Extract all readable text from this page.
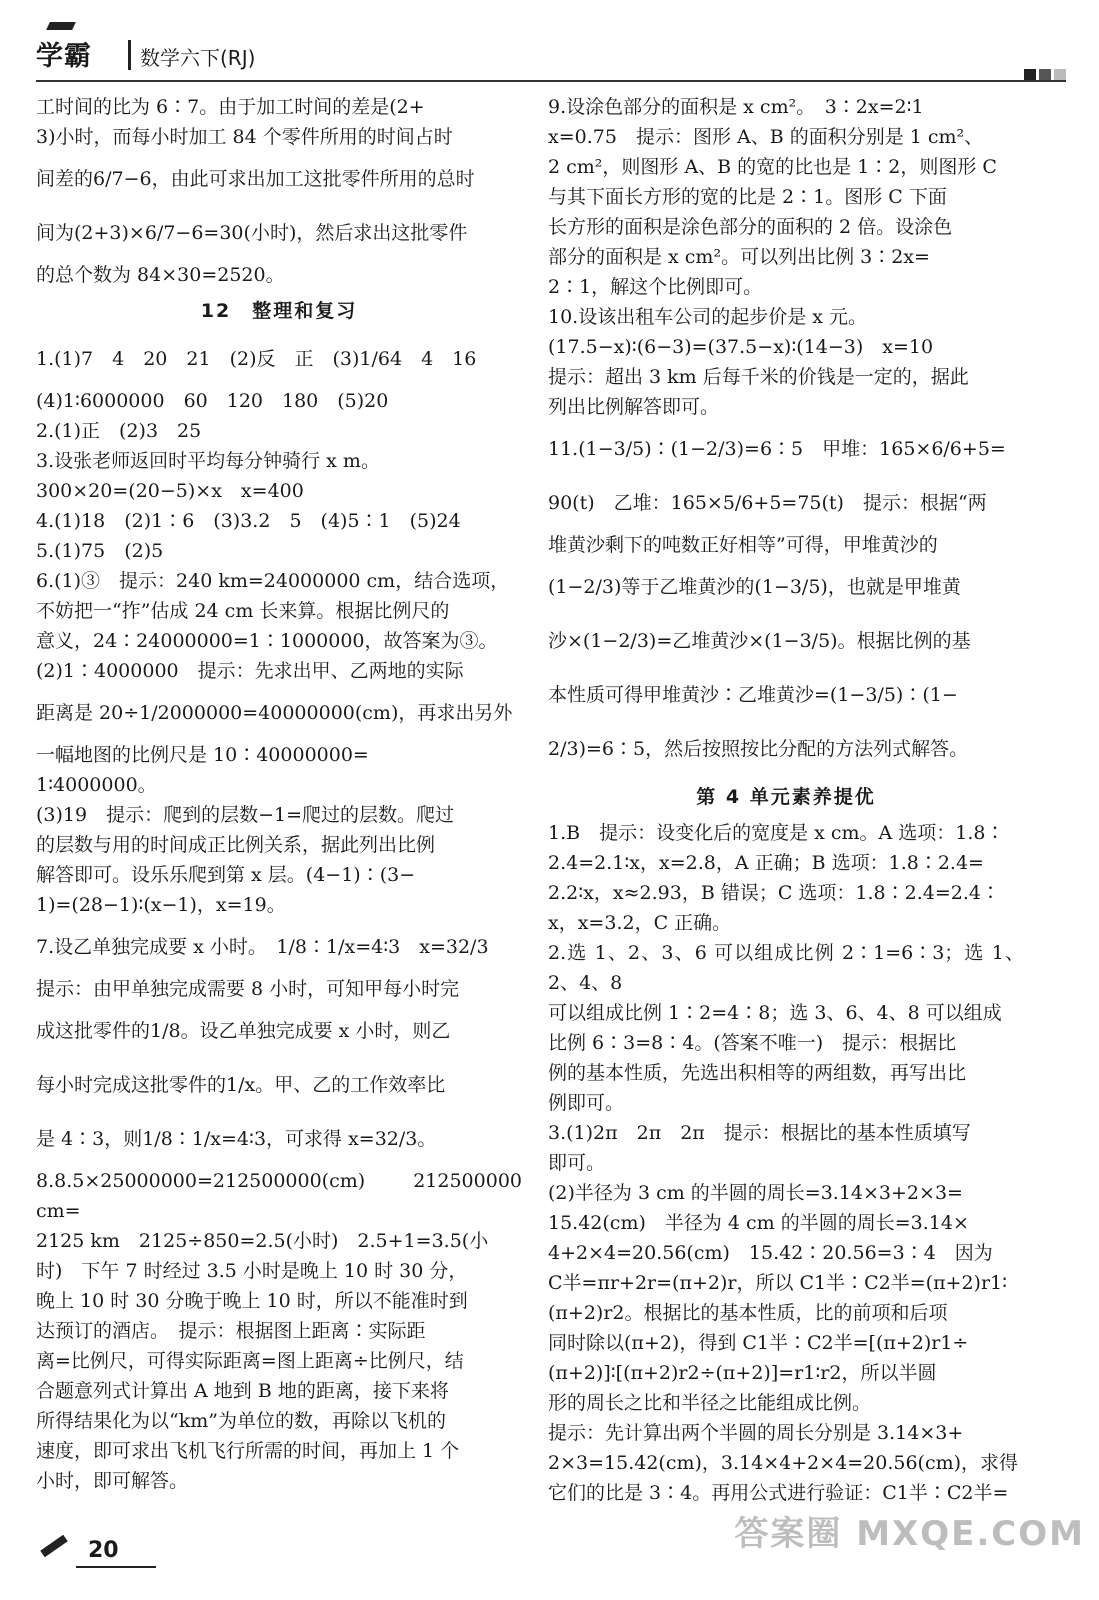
学霸 数学六下(RJ)

工时间的比为 6∶7。由于加工时间的差是(2+

3)小时，而每小时加工 84 个零件所用的时间占时

间差的6/7−6，由此可求出加工这批零件所用的总时

间为(2+3)×6/7−6=30(小时)，然后求出这批零件

的总个数为 84×30=2520。

12　整理和复习

1.(1)7　4　20　21　(2)反　正　(3)1/64　4　16

(4)1∶6000000　60　120　180　(5)20

2.(1)正　(2)3　25

3.设张老师返回时平均每分钟骑行 x m。

300×20=(20−5)×x　x=400

4.(1)18　(2)1∶6　(3)3.2　5　(4)5∶1　(5)24

5.(1)75　(2)5

6.(1)③　提示：240 km=24000000 cm，结合选项，

不妨把一“拃”估成 24 cm 长来算。根据比例尺的

意义，24∶24000000=1∶1000000，故答案为③。

(2)1∶4000000　提示：先求出甲、乙两地的实际

距离是 20÷1/2000000=40000000(cm)，再求出另外

一幅地图的比例尺是 10∶40000000=

1∶4000000。

(3)19　提示：爬到的层数−1=爬过的层数。爬过

的层数与用的时间成正比例关系，据此列出比例

解答即可。设乐乐爬到第 x 层。(4−1)∶(3−

1)=(28−1)∶(x−1)，x=19。

7.设乙单独完成要 x 小时。　1/8∶1/x=4∶3　x=32/3

提示：由甲单独完成需要 8 小时，可知甲每小时完

成这批零件的1/8。设乙单独完成要 x 小时，则乙

每小时完成这批零件的1/x。甲、乙的工作效率比

是 4∶3，则1/8∶1/x=4∶3，可求得 x=32/3。

8.8.5×25000000=212500000(cm)　212500000 cm=

2125 km　2125÷850=2.5(小时)　2.5+1=3.5(小

时)　下午 7 时经过 3.5 小时是晚上 10 时 30 分，

晚上 10 时 30 分晚于晚上 10 时，所以不能准时到

达预订的酒店。　提示：根据图上距离∶实际距

离=比例尺，可得实际距离=图上距离÷比例尺，结

合题意列式计算出 A 地到 B 地的距离，接下来将

所得结果化为以“km”为单位的数，再除以飞机的

速度，即可求出飞机飞行所需的时间，再加上 1 个

小时，即可解答。

9.设涂色部分的面积是 x cm²。　3∶2x=2∶1

x=0.75　提示：图形 A、B 的面积分别是 1 cm²、

2 cm²，则图形 A、B 的宽的比也是 1∶2，则图形 C

与其下面长方形的宽的比是 2∶1。图形 C 下面

长方形的面积是涂色部分的面积的 2 倍。设涂色

部分的面积是 x cm²。可以列出比例 3∶2x=

2∶1，解这个比例即可。

10.设该出租车公司的起步价是 x 元。

(17.5−x)∶(6−3)=(37.5−x)∶(14−3)　x=10

提示：超出 3 km 后每千米的价钱是一定的，据此

列出比例解答即可。

11.(1−3/5)∶(1−2/3)=6∶5　甲堆：165×6/6+5=

90(t)　乙堆：165×5/6+5=75(t)　提示：根据“两

堆黄沙剩下的吨数正好相等”可得，甲堆黄沙的

(1−2/3)等于乙堆黄沙的(1−3/5)，也就是甲堆黄

沙×(1−2/3)=乙堆黄沙×(1−3/5)。根据比例的基

本性质可得甲堆黄沙∶乙堆黄沙=(1−3/5)∶(1−

2/3)=6∶5，然后按照按比分配的方法列式解答。

第 4 单元素养提优

1.B　提示：设变化后的宽度是 x cm。A 选项：1.8∶

2.4=2.1∶x，x=2.8，A 正确；B 选项：1.8∶2.4=

2.2∶x，x≈2.93，B 错误；C 选项：1.8∶2.4=2.4∶

x，x=3.2，C 正确。

2.选 1、2、3、6 可以组成比例 2∶1=6∶3；选 1、2、4、8

可以组成比例 1∶2=4∶8；选 3、6、4、8 可以组成

比例 6∶3=8∶4。(答案不唯一)　提示：根据比

例的基本性质，先选出积相等的两组数，再写出比

例即可。

3.(1)2π　2π　2π　提示：根据比的基本性质填写

即可。

(2)半径为 3 cm 的半圆的周长=3.14×3+2×3=

15.42(cm)　半径为 4 cm 的半圆的周长=3.14×

4+2×4=20.56(cm)　15.42∶20.56=3∶4　因为

C半=πr+2r=(π+2)r，所以 C1半∶C2半=(π+2)r1∶

(π+2)r2。根据比的基本性质，比的前项和后项

同时除以(π+2)，得到 C1半∶C2半=[(π+2)r1÷

(π+2)]∶[(π+2)r2÷(π+2)]=r1∶r2，所以半圆

形的周长之比和半径之比能组成比例。

提示：先计算出两个半圆的周长分别是 3.14×3+

2×3=15.42(cm)，3.14×4+2×4=20.56(cm)，求得

它们的比是 3∶4。再用公式进行验证：C1半∶C2半=

20	答案圈 MXQE.COM
